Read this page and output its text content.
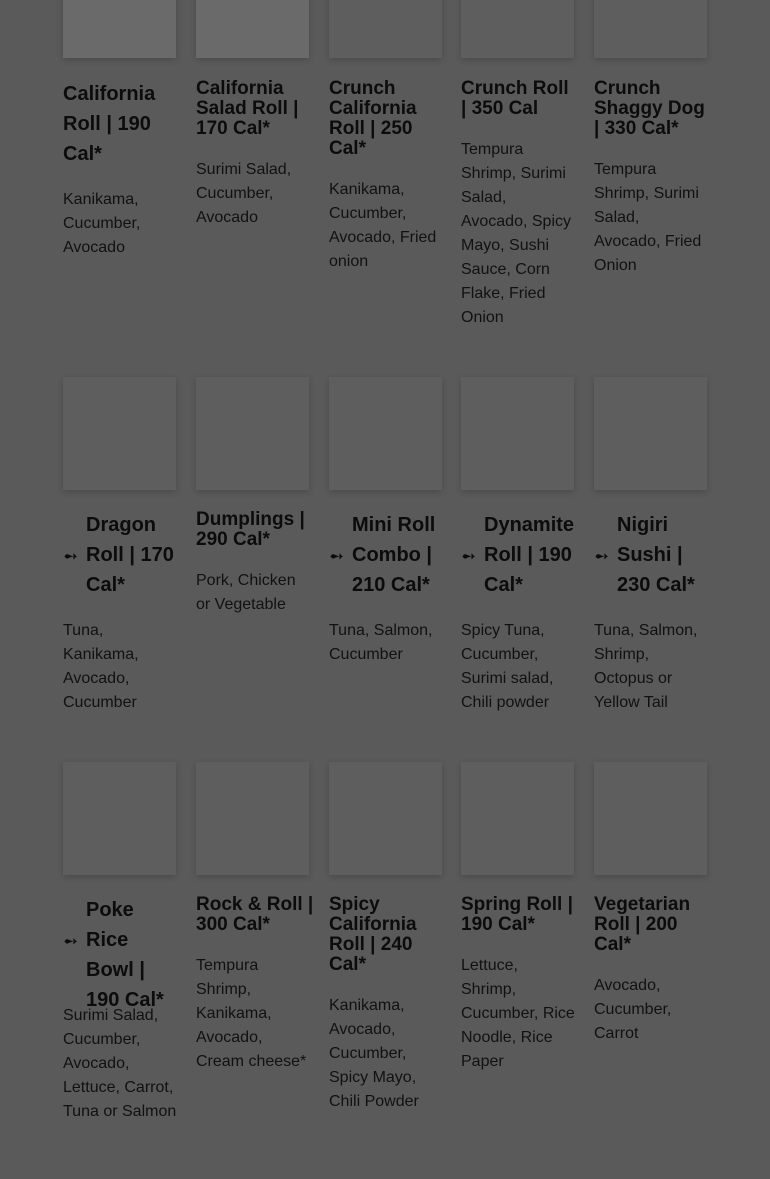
California Roll | 190 Cal*
Kanikama, Cucumber, Avocado
California Salad Roll | 170 Cal*
Surimi Salad, Cucumber, Avocado
Crunch California Roll | 250 Cal*
Kanikama, Cucumber, Avocado, Fried onion
Crunch Roll | 350 Cal
Tempura Shrimp, Surimi Salad, Avocado, Spicy Mayo, Sushi Sauce, Corn Flake, Fried Onion
Crunch Shaggy Dog | 330 Cal*
Tempura Shrimp, Surimi Salad, Avocado, Fried Onion
➻
Dragon Roll | 170 Cal*
Tuna, Kanikama, Avocado, Cucumber
Dumplings | 290 Cal*
Pork, Chicken or Vegetable
➻
Mini Roll Combo | 210 Cal*
Tuna, Salmon, Cucumber
➻
Dynamite Roll | 190 Cal*
Spicy Tuna, Cucumber, Surimi salad, Chili powder
➻
Nigiri Sushi | 230 Cal*
Tuna, Salmon, Shrimp, Octopus or Yellow Tail
➻
Poke Rice Bowl | 190 Cal*
Surimi Salad, Cucumber, Avocado, Lettuce, Carrot, Tuna or Salmon
Rock & Roll | 300 Cal*
Tempura Shrimp, Kanikama, Avocado, Cream cheese*
Spicy California Roll | 240 Cal*
Kanikama, Avocado, Cucumber, Spicy Mayo, Chili Powder
Spring Roll | 190 Cal*
Lettuce, Shrimp, Cucumber, Rice Noodle, Rice Paper
Vegetarian Roll | 200 Cal*
Avocado, Cucumber, Carrot
